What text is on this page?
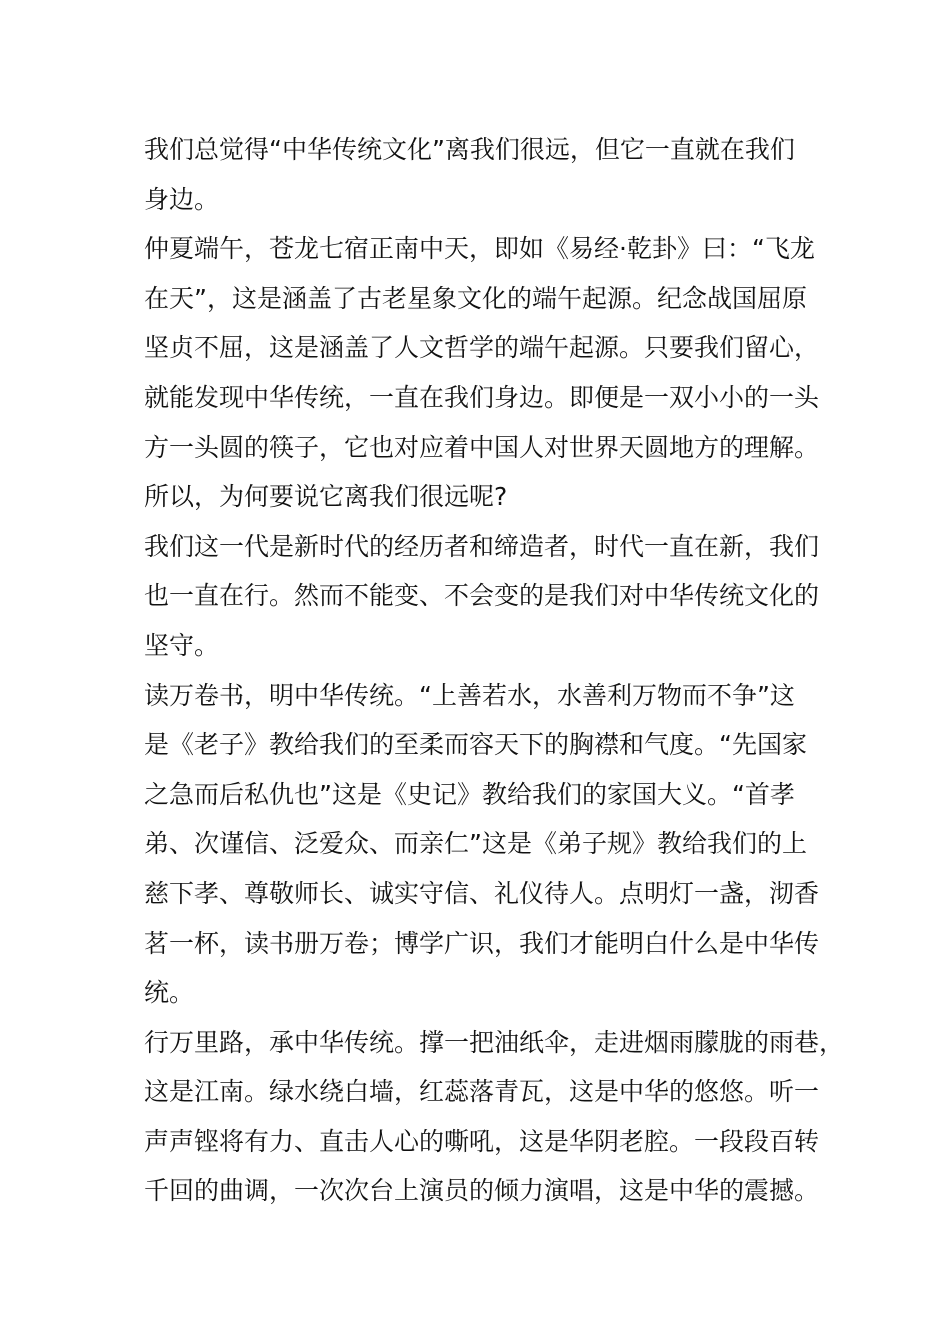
我们总觉得“中华传统文化”离我们很远，但它一直就在我们
身边。

仲夏端午，苍龙七宿正南中天，即如《易经·乾卦》曰：“飞龙
在天”，这是涵盖了古老星象文化的端午起源。纪念战国屈原
坚贞不屈，这是涵盖了人文哲学的端午起源。只要我们留心，
就能发现中华传统，一直在我们身边。即便是一双小小的一头
方一头圆的筷子，它也对应着中国人对世界天圆地方的理解。
所以，为何要说它离我们很远呢?

我们这一代是新时代的经历者和缔造者，时代一直在新，我们
也一直在行。然而不能变、不会变的是我们对中华传统文化的
坚守。

读万卷书，明中华传统。“上善若水，水善利万物而不争”这
是《老子》教给我们的至柔而容天下的胸襟和气度。“先国家
之急而后私仇也”这是《史记》教给我们的家国大义。“首孝
弟、次谨信、泛爱众、而亲仁”这是《弟子规》教给我们的上
慈下孝、尊敬师长、诚实守信、礼仪待人。点明灯一盏，沏香
茗一杯，读书册万卷；博学广识，我们才能明白什么是中华传
统。

行万里路，承中华传统。撑一把油纸伞，走进烟雨朦胧的雨巷，
这是江南。绿水绕白墙，红蕊落青瓦，这是中华的悠悠。听一
声声铿将有力、直击人心的嘶吼，这是华阴老腔。一段段百转
千回的曲调，一次次台上演员的倾力演唱，这是中华的震撼。
